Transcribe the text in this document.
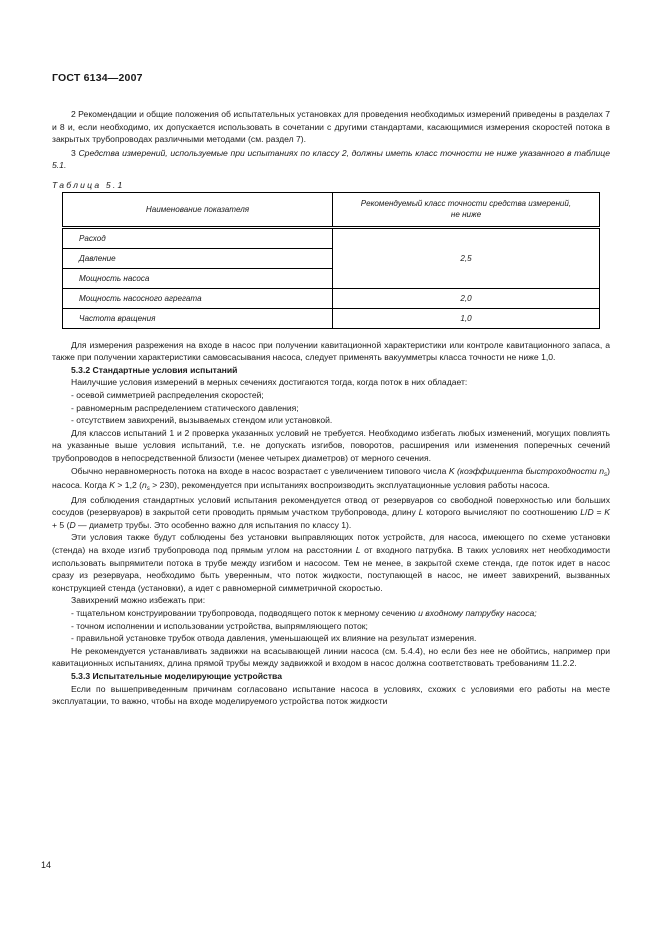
ГОСТ 6134—2007

2 Рекомендации и общие положения об испытательных установках для проведения необходимых измерений приведены в разделах 7 и 8 и, если необходимо, их допускается использовать в сочетании с другими стандартами, касающимися измерения скоростей потока в закрытых трубопроводах различными методами (см. раздел 7).

3 Средства измерений, используемые при испытаниях по классу 2, должны иметь класс точности не ниже указанного в таблице 5.1.

Таблица 5.1

Наименование показателя	Рекомендуемый класс точности средства измерений,
не ниже
Расход	2,5
Давление	
Мощность насоса	
Мощность насосного агрегата	2,0
Частота вращения	1,0

Для измерения разрежения на входе в насос при получении кавитационной характеристики или контроле кавитационного запаса, а также при получении характеристики самовсасывания насоса, следует применять вакуумметры класса точности не ниже 1,0.

5.3.2 Стандартные условия испытаний

Наилучшие условия измерений в мерных сечениях достигаются тогда, когда поток в них обладает:

- осевой симметрией распределения скоростей;

- равномерным распределением статического давления;

- отсутствием завихрений, вызываемых стендом или установкой.

Для классов испытаний 1 и 2 проверка указанных условий не требуется. Необходимо избегать любых изменений, могущих повлиять на указанные выше условия испытаний, т.е. не допускать изгибов, поворотов, расширения или изменения поперечных сечений трубопроводов в непосредственной близости (менее четырех диаметров) от мерного сечения.

Обычно неравномерность потока на входе в насос возрастает с увеличением типового числа K (коэффициента быстроходности $n_s$) насоса. Когда K > 1,2 $(n_s > 230)$, рекомендуется при испытаниях воспроизводить эксплуатационные условия работы насоса.

Для соблюдения стандартных условий испытания рекомендуется отвод от резервуаров со свободной поверхностью или больших сосудов (резервуаров) в закрытой сети проводить прямым участком трубопровода, длину L которого вычисляют по соотношению L/D = K + 5 (D — диаметр трубы. Это особенно важно для испытания по классу 1).

Эти условия также будут соблюдены без установки выправляющих поток устройств, для насоса, имеющего по схеме установки (стенда) на входе изгиб трубопровода под прямым углом на расстоянии L от входного патрубка. В таких условиях нет необходимости использовать выпрямители потока в трубе между изгибом и насосом. Тем не менее, в закрытой схеме стенда, где поток идет в насос сразу из резервуара, необходимо быть уверенным, что поток жидкости, поступающей в насос, не имеет завихрений, вызванных конструкцией стенда (установки), а идет с равномерной симметричной скоростью.

Завихрений можно избежать при:

- тщательном конструировании трубопровода, подводящего поток к мерному сечению и входному патрубку насоса;

- точном исполнении и использовании устройства, выпрямляющего поток;

- правильной установке трубок отвода давления, уменьшающей их влияние на результат измерения.

Не рекомендуется устанавливать задвижки на всасывающей линии насоса (см. 5.4.4), но если без нее не обойтись, например при кавитационных испытаниях, длина прямой трубы между задвижкой и входом в насос должна соответствовать требованиям 11.2.2.

5.3.3 Испытательные моделирующие устройства

Если по вышеприведенным причинам согласовано испытание насоса в условиях, схожих с условиями его работы на месте эксплуатации, то важно, чтобы на входе моделируемого устройства поток жидкости

14
